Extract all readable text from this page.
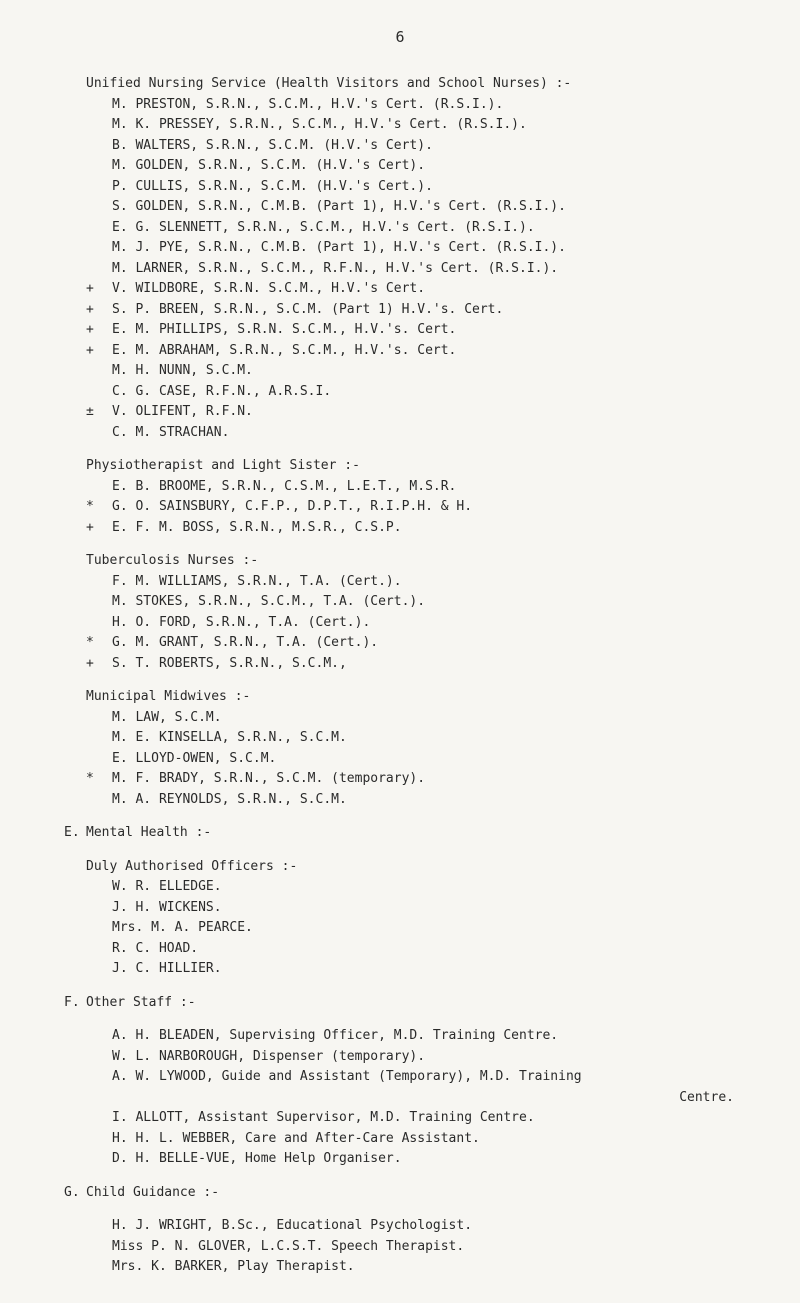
6
Unified Nursing Service (Health Visitors and School Nurses) :-
M. PRESTON, S.R.N., S.C.M., H.V.'s Cert. (R.S.I.).
M. K. PRESSEY, S.R.N., S.C.M., H.V.'s Cert. (R.S.I.).
B. WALTERS, S.R.N., S.C.M. (H.V.'s Cert).
M. GOLDEN, S.R.N., S.C.M. (H.V.'s Cert).
P. CULLIS, S.R.N., S.C.M. (H.V.'s Cert.).
S. GOLDEN, S.R.N., C.M.B. (Part 1), H.V.'s Cert. (R.S.I.).
E. G. SLENNETT, S.R.N., S.C.M., H.V.'s Cert. (R.S.I.).
M. J. PYE, S.R.N., C.M.B. (Part 1), H.V.'s Cert. (R.S.I.).
M. LARNER, S.R.N., S.C.M., R.F.N., H.V.'s Cert. (R.S.I.).
+	V. WILDBORE, S.R.N. S.C.M., H.V.'s Cert.
+	S. P. BREEN, S.R.N., S.C.M. (Part 1) H.V.'s. Cert.
+	E. M. PHILLIPS, S.R.N. S.C.M., H.V.'s. Cert.
+	E. M. ABRAHAM, S.R.N., S.C.M., H.V.'s. Cert.
M. H. NUNN, S.C.M.
C. G. CASE, R.F.N., A.R.S.I.
±	V. OLIFENT, R.F.N.
C. M. STRACHAN.
Physiotherapist and Light Sister :-
E. B. BROOME, S.R.N., C.S.M., L.E.T., M.S.R.
*	G. O. SAINSBURY, C.F.P., D.P.T., R.I.P.H. & H.
+	E. F. M. BOSS, S.R.N., M.S.R., C.S.P.
Tuberculosis Nurses :-
F. M. WILLIAMS, S.R.N., T.A. (Cert.).
M. STOKES, S.R.N., S.C.M., T.A. (Cert.).
H. O. FORD, S.R.N., T.A. (Cert.).
*	G. M. GRANT, S.R.N., T.A. (Cert.).
+	S. T. ROBERTS, S.R.N., S.C.M.,
Municipal Midwives :-
M. LAW, S.C.M.
M. E. KINSELLA, S.R.N., S.C.M.
E. LLOYD-OWEN, S.C.M.
*	M. F. BRADY, S.R.N., S.C.M. (temporary).
M. A. REYNOLDS, S.R.N., S.C.M.
E. Mental Health :-
Duly Authorised Officers :-
W. R. ELLEDGE.
J. H. WICKENS.
Mrs. M. A. PEARCE.
R. C. HOAD.
J. C. HILLIER.
F. Other Staff :-
A. H. BLEADEN, Supervising Officer, M.D. Training Centre.
W. L. NARBOROUGH, Dispenser (temporary).
A. W. LYWOOD, Guide and Assistant (Temporary), M.D. Training
Centre.
I. ALLOTT, Assistant Supervisor, M.D. Training Centre.
H. H. L. WEBBER, Care and After-Care Assistant.
D. H. BELLE-VUE, Home Help Organiser.
G. Child Guidance :-
H. J. WRIGHT, B.Sc., Educational Psychologist.
Miss P. N. GLOVER, L.C.S.T. Speech Therapist.
Mrs. K. BARKER, Play Therapist.
